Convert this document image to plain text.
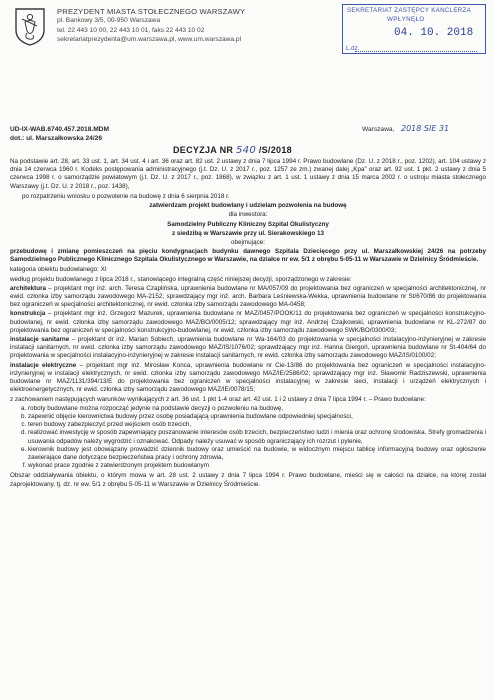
PREZYDENT MIASTA STOŁECZNEGO WARSZAWY
pl. Bankowy 3/5, 00-950 Warszawa
tel. 22 443 10 00, 22 443 10 01, faks 22 443 10 02
sekretariatprezydenta@um.warszawa.pl, www.um.warszawa.pl
SEKRETARIAT ZASTĘPCY KANCLERZA
WPŁYNĘŁO
04. 10. 2018
L.dz.
UD-IX-WAB.6740.457.2018.MDM
dot.: ul. Marszałkowska 24/26
Warszawa, 2018 SIE 31
DECYZJA NR 540 /S/2018
Na podstawie art. 28, art. 33 ust. 1, art. 34 ust. 4 i art. 36 oraz art. 82 ust. 2 ustawy z dnia 7 lipca 1994 r. Prawo budowlane (Dz. U. z 2018 r., poz. 1202), art. 104 ustawy z dnia 14 czerwca 1960 r. Kodeks postępowania administracyjnego (j.t. Dz. U. z 2017 r., poz. 1257 ze zm.) zwanej dalej „Kpa” oraz art. 92 ust. 1 pkt. 2 ustawy z dnia 5 czerwca 1998 r. o samorządzie powiatowym (j.t. Dz. U. z 2017 r., poz. 1868), w związku z art. 1 ust. 1 ustawy z dnia 15 marca 2002 r. o ustroju miasta stołecznego Warszawy (j.t. Dz. U. z 2018 r., poz. 1438),
po rozpatrzeniu wniosku o pozwolenie na budowę z dnia 6 sierpnia 2018 r.
zatwierdzam projekt budowlany i udzielam pozwolenia na budowę
dla inwestora:
Samodzielny Publiczny Kliniczny Szpital Okulistyczny
z siedzibą w Warszawie przy ul. Sierakowskiego 13
obejmujące:
przebudowę i zmianę pomieszczeń na pięciu kondygnacjach budynku dawnego Szpitala Dziecięcego przy ul. Marszałkowskiej 24/26 na potrzeby Samodzielnego Publicznego Klinicznego Szpitala Okulistycznego w Warszawie, na działce nr ew. 5/1 z obrębu 5-05-11 w Warszawie w Dzielnicy Śródmieście.
kategoria obiektu budowlanego: XI
według projektu budowlanego z lipca 2018 r., stanowiącego integralną część niniejszej decyzji, sporządzonego w zakresie:
architektura – projektant mgr inż. arch. Teresa Czaplińska, uprawnienia budowlane nr MA/057/09 do projektowania bez ograniczeń w specjalności architektonicznej, nr ewid. członka izby samorządu zawodowego MA-2152; sprawdzający mgr inż. arch. Barbara Leśniewska-Wekka, uprawnienia budowlane nr St/670/86 do projektowania bez ograniczeń w specjalności architektonicznej, nr ewid. członka izby samorządu zawodowego MA-0458;
konstrukcja – projektant mgr inż. Grzegorz Mazurek, uprawnienia budowlane nr MAZ/0457/POOK/11 do projektowania bez ograniczeń w specjalności konstrukcyjno-budowlanej, nr ewid. członka izby samorządu zawodowego MAZ/BO/0005/12; sprawdzający mgr inż. Andrzej Czajkowski, uprawnienia budowlane nr KL-272/87 do projektowania bez ograniczeń w specjalności konstrukcyjno-budowlanej, nr ewid. członka izby samorządu zawodowego SWK/BO/0300/03;
instalacje sanitarne – projektant dr inż. Marian Sobiech, uprawnienia budowlane nr Wa-164/03 do projektowania w specjalności instalacyjno-inżynieryjnej w zakresie instalacji sanitarnych, nr ewid. członka izby samorządu zawodowego MAZ/IS/1076/02; sprawdzający mgr inż. Hanna Giergoń, uprawnienia budowlane nr St-404/64 do projektowania w specjalności instalacyjno-inżynieryjnej w zakresie instalacji sanitarnych, nr ewid. członka izby samorządu zawodowego MAZ/IS/0100/02;
instalacje elektryczne – projektant mgr inż. Mirosław Konca, uprawnienia budowlane nr Cie-13/86 do projektowania bez ograniczeń w specjalności instalacyjno-inżynieryjnej w instalacji elektrycznych, nr ewid. członka izby samorządu zawodowego MAZ/IE/2586/02; sprawdzający mgr inż. Sławomir Radziszewski, uprawnienia budowlane nr MAZ/1131/394/13/E do projektowania bez ograniczeń w specjalności instalacyjnej w zakresie sieci, instalacji i urządzeń elektrycznych i elektroenergetycznych, nr ewid. członka izby samorządu zawodowego MAZ/IE/0078/15;
z zachowaniem następujących warunków wynikających z art. 36 ust. 1 pkt 1-4 oraz art. 42 ust. 1 i 2 ustawy z dnia 7 lipca 1994 r. – Prawo budowlane:
a. roboty budowlane można rozpocząć jedynie na podstawie decyzji o pozwoleniu na budowę,
b. zapewnić objęcie kierownictwa budowy przez osobę posiadającą uprawnienia budowlane odpowiedniej specjalności,
c. teren budowy zabezpieczyć przed wejściem osób trzecich,
d. realizować inwestycję w sposób zapewniający poszanowanie interesów osób trzecich, bezpieczeństwo ludzi i mienia oraz ochronę środowiska. Strefy gromadzenia i usuwania odpadów należy wygrodzić i oznakować. Odpady należy usuwać w sposób ograniczający ich rozrzut i pylenie,
e. kierownik budowy jest obowiązany prowadzić dziennik budowy oraz umieścić na budowie, w widocznym miejscu tablicę informacyjną budowy oraz ogłoszenie zawierające dane dotyczące bezpieczeństwa pracy i ochrony zdrowia,
f. wykonać prace zgodnie z zatwierdzonym projektem budowlanym
Obszar oddziaływania obiektu, o którym mowa w art. 28 ust. 2 ustawy z dnia 7 lipca 1994 r. Prawo budowlane, mieści się w całości na działce, na której został zaprojektowany, tj. dz. nr ew. 5/1 z obrębu 5-05-11 w Warszawie w Dzielnicy Śródmieście.
